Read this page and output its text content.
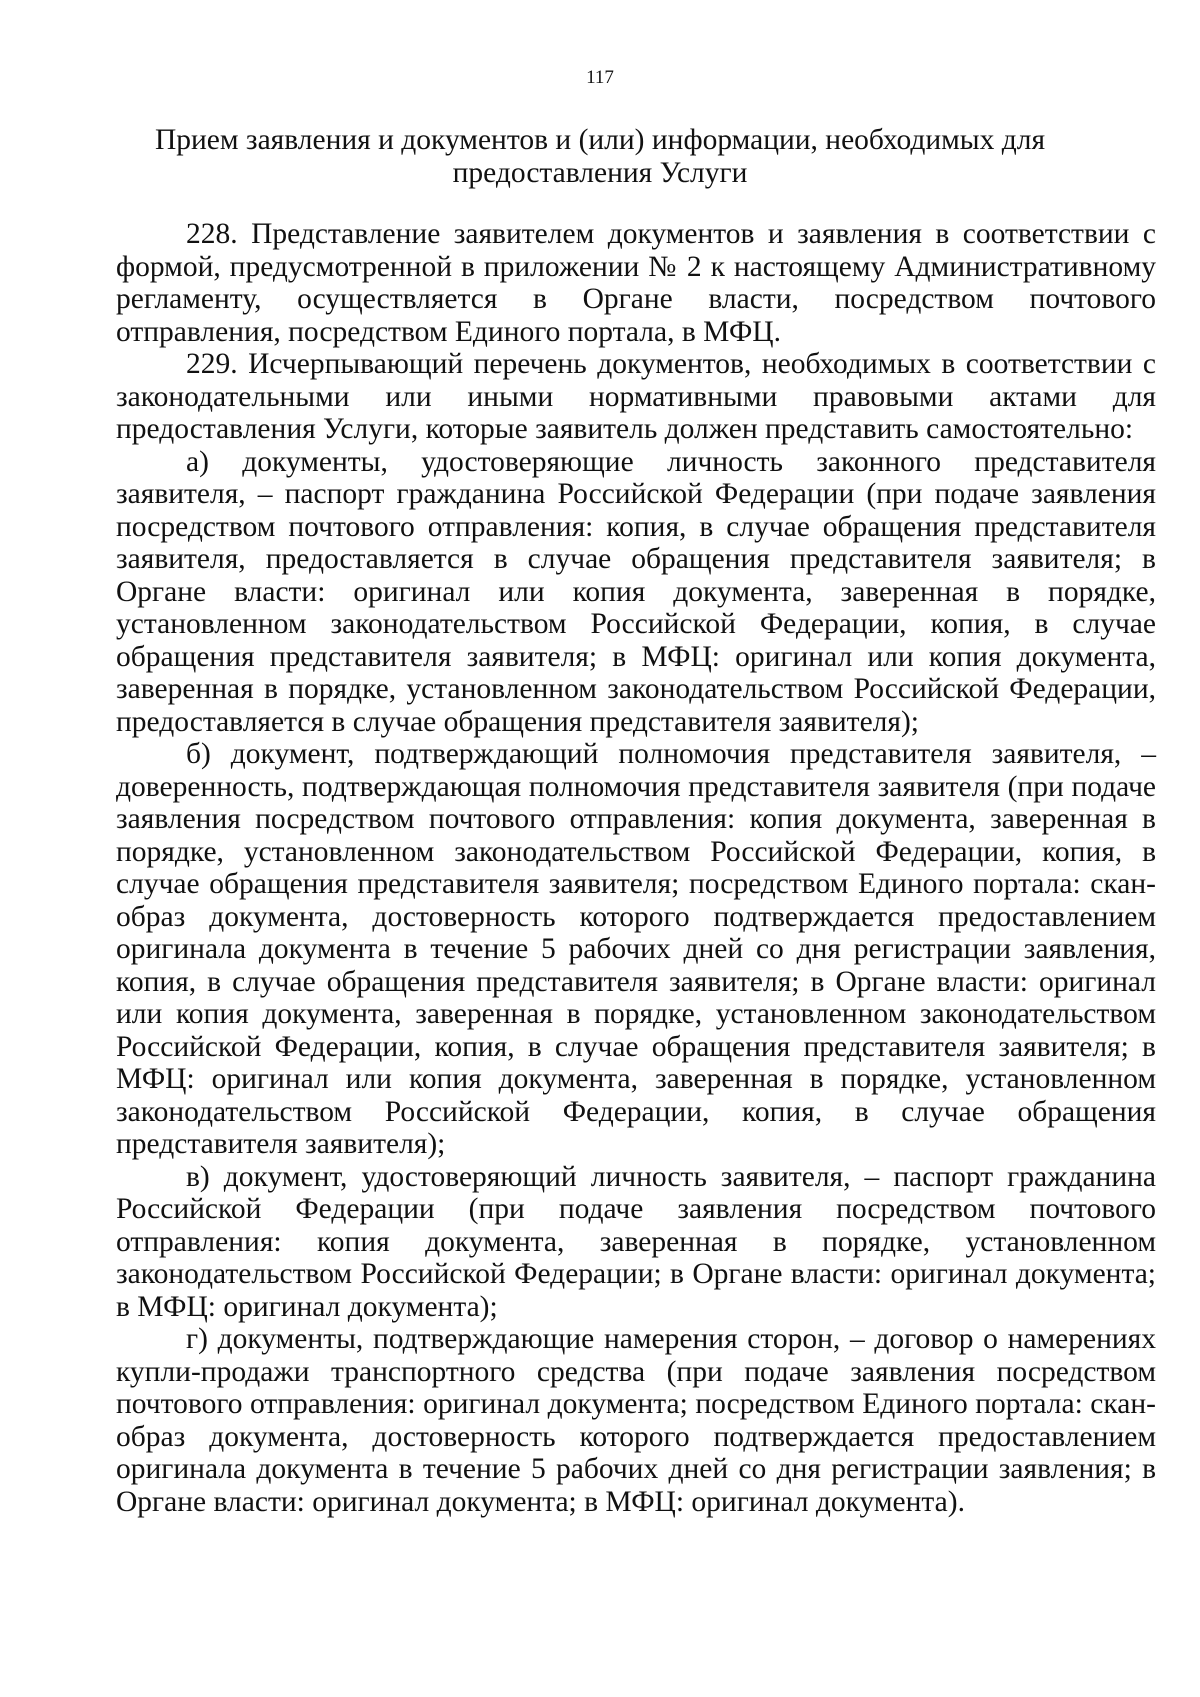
117
Прием заявления и документов и (или) информации, необходимых для предоставления Услуги

228. Представление заявителем документов и заявления в соответствии с формой, предусмотренной в приложении № 2 к настоящему Административному регламенту, осуществляется в Органе власти, посредством почтового отправления, посредством Единого портала, в МФЦ.

229. Исчерпывающий перечень документов, необходимых в соответствии с законодательными или иными нормативными правовыми актами для предоставления Услуги, которые заявитель должен представить самостоятельно:

а) документы, удостоверяющие личность законного представителя заявителя, – паспорт гражданина Российской Федерации (при подаче заявления посредством почтового отправления: копия, в случае обращения представителя заявителя, предоставляется в случае обращения представителя заявителя; в Органе власти: оригинал или копия документа, заверенная в порядке, установленном законодательством Российской Федерации, копия, в случае обращения представителя заявителя; в МФЦ: оригинал или копия документа, заверенная в порядке, установленном законодательством Российской Федерации, предоставляется в случае обращения представителя заявителя);

б) документ, подтверждающий полномочия представителя заявителя, – доверенность, подтверждающая полномочия представителя заявителя (при подаче заявления посредством почтового отправления: копия документа, заверенная в порядке, установленном законодательством Российской Федерации, копия, в случае обращения представителя заявителя; посредством Единого портала: скан-образ документа, достоверность которого подтверждается предоставлением оригинала документа в течение 5 рабочих дней со дня регистрации заявления, копия, в случае обращения представителя заявителя; в Органе власти: оригинал или копия документа, заверенная в порядке, установленном законодательством Российской Федерации, копия, в случае обращения представителя заявителя; в МФЦ: оригинал или копия документа, заверенная в порядке, установленном законодательством Российской Федерации, копия, в случае обращения представителя заявителя);

в) документ, удостоверяющий личность заявителя, – паспорт гражданина Российской Федерации (при подаче заявления посредством почтового отправления: копия документа, заверенная в порядке, установленном законодательством Российской Федерации; в Органе власти: оригинал документа; в МФЦ: оригинал документа);

г) документы, подтверждающие намерения сторон, – договор о намерениях купли-продажи транспортного средства (при подаче заявления посредством почтового отправления: оригинал документа; посредством Единого портала: скан-образ документа, достоверность которого подтверждается предоставлением оригинала документа в течение 5 рабочих дней со дня регистрации заявления; в Органе власти: оригинал документа; в МФЦ: оригинал документа).
